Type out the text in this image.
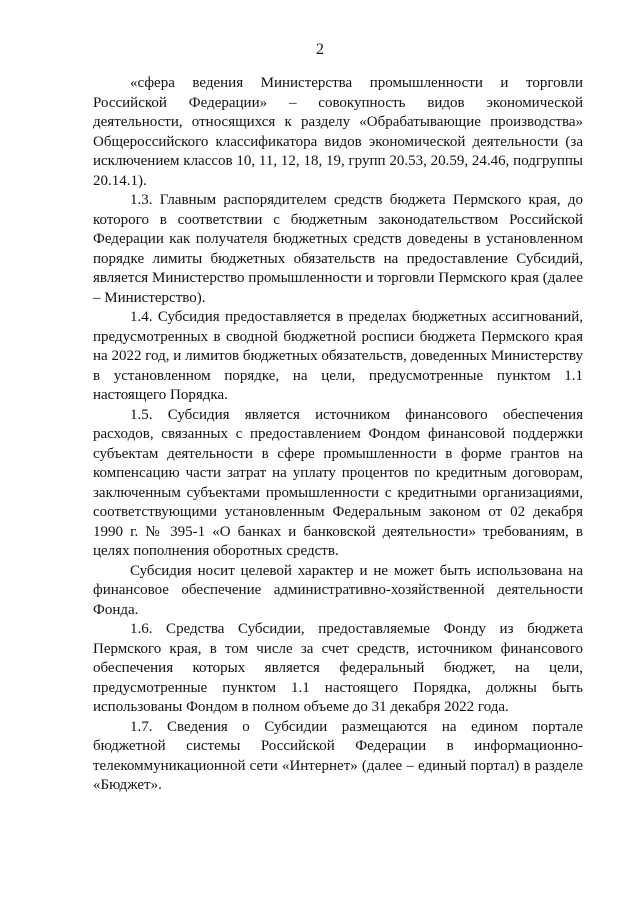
2

«сфера ведения Министерства промышленности и торговли Российской Федерации» – совокупность видов экономической деятельности, относящихся к разделу «Обрабатывающие производства» Общероссийского классификатора видов экономической деятельности (за исключением классов 10, 11, 12, 18, 19, групп 20.53, 20.59, 24.46, подгруппы 20.14.1).

1.3. Главным распорядителем средств бюджета Пермского края, до которого в соответствии с бюджетным законодательством Российской Федерации как получателя бюджетных средств доведены в установленном порядке лимиты бюджетных обязательств на предоставление Субсидий, является Министерство промышленности и торговли Пермского края (далее – Министерство).

1.4. Субсидия предоставляется в пределах бюджетных ассигнований, предусмотренных в сводной бюджетной росписи бюджета Пермского края на 2022 год, и лимитов бюджетных обязательств, доведенных Министерству в установленном порядке, на цели, предусмотренные пунктом 1.1 настоящего Порядка.

1.5. Субсидия является источником финансового обеспечения расходов, связанных с предоставлением Фондом финансовой поддержки субъектам деятельности в сфере промышленности в форме грантов на компенсацию части затрат на уплату процентов по кредитным договорам, заключенным субъектами промышленности с кредитными организациями, соответствующими установленным Федеральным законом от 02 декабря 1990 г. № 395-1 «О банках и банковской деятельности» требованиям, в целях пополнения оборотных средств.

Субсидия носит целевой характер и не может быть использована на финансовое обеспечение административно-хозяйственной деятельности Фонда.

1.6. Средства Субсидии, предоставляемые Фонду из бюджета Пермского края, в том числе за счет средств, источником финансового обеспечения которых является федеральный бюджет, на цели, предусмотренные пунктом 1.1 настоящего Порядка, должны быть использованы Фондом в полном объеме до 31 декабря 2022 года.

1.7. Сведения о Субсидии размещаются на едином портале бюджетной системы Российской Федерации в информационно-телекоммуникационной сети «Интернет» (далее – единый портал) в разделе «Бюджет».
